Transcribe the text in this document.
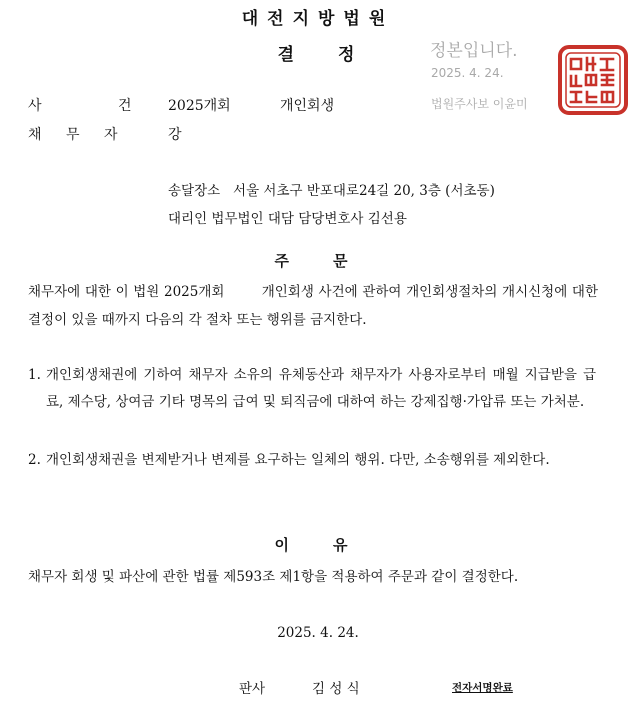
대전지방법원
결정	정본입니다.
2025. 4. 24.
법원주사보 이윤미
사 건 2025개회	개인회생
채 무 자	강
송달장소   서울 서초구 반포대로24길 20, 3층 (서초동)
대리인 법무법인 대담 담당변호사 김선용
주문
채무자에 대한 이 법원 2025개회        개인회생 사건에 관하여 개인회생절차의 개시신청에 대한 결정이 있을 때까지 다음의 각 절차 또는 행위를 금지한다.
1. 개인회생채권에 기하여 채무자 소유의 유체동산과 채무자가 사용자로부터 매월 지급받을 급료, 제수당, 상여금 기타 명목의 급여 및 퇴직금에 대하여 하는 강제집행·가압류 또는 가처분.
2. 개인회생채권을 변제받거나 변제를 요구하는 일체의 행위. 다만, 소송행위를 제외한다.
이유
채무자 회생 및 파산에 관한 법률 제593조 제1항을 적용하여 주문과 같이 결정한다.
2025. 4. 24.
판사	김 성 식	전자서명완료
